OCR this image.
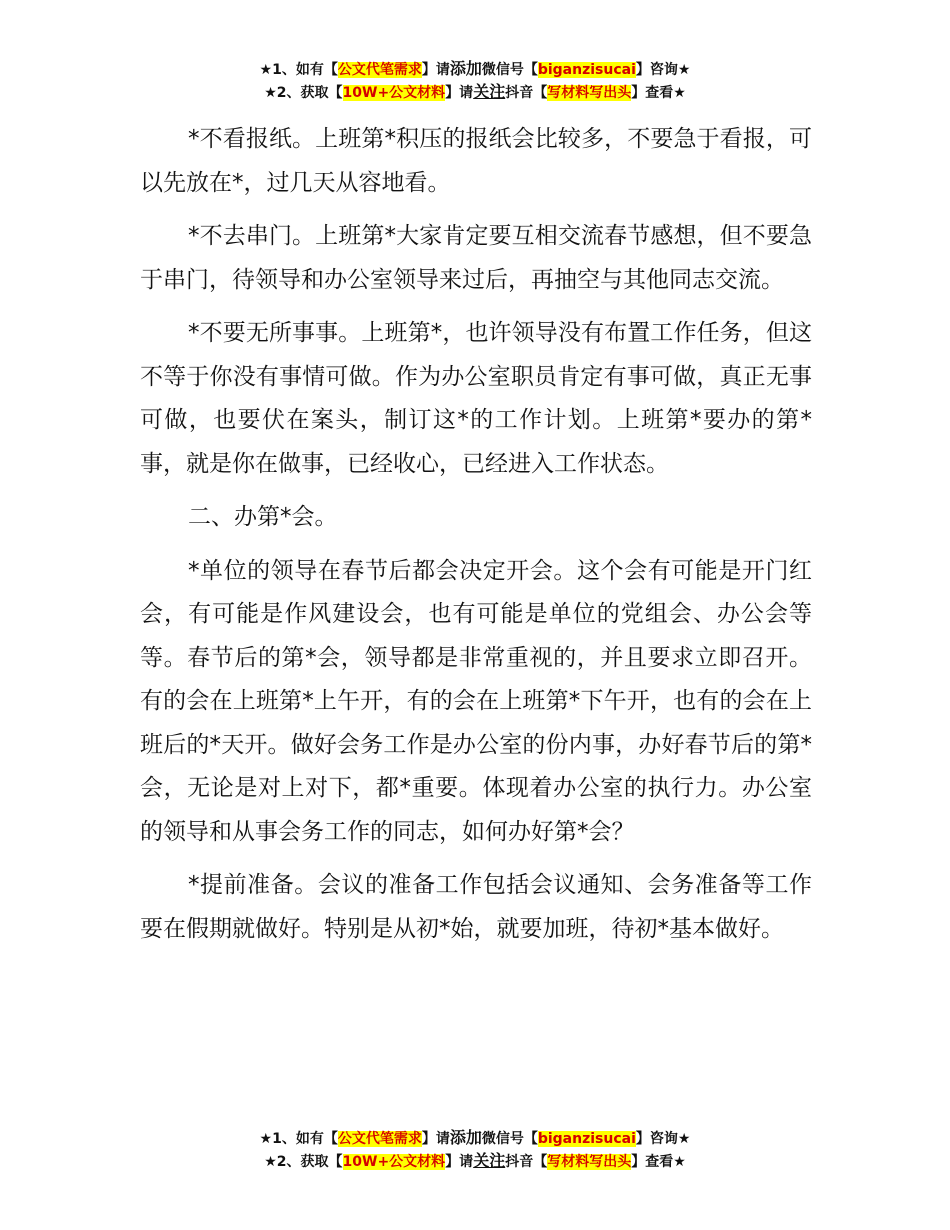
★1、如有【公文代笔需求】请添加微信号【biganzisucai】咨询★
★2、获取【10W+公文材料】请关注抖音【写材料写出头】查看★

*不看报纸。上班第*积压的报纸会比较多，不要急于看报，可以先放在*，过几天从容地看。

*不去串门。上班第*大家肯定要互相交流春节感想，但不要急于串门，待领导和办公室领导来过后，再抽空与其他同志交流。

*不要无所事事。上班第*，也许领导没有布置工作任务，但这不等于你没有事情可做。作为办公室职员肯定有事可做，真正无事可做，也要伏在案头，制订这*的工作计划。上班第*要办的第*事，就是你在做事，已经收心，已经进入工作状态。

二、办第*会。

*单位的领导在春节后都会决定开会。这个会有可能是开门红会，有可能是作风建设会，也有可能是单位的党组会、办公会等等。春节后的第*会，领导都是非常重视的，并且要求立即召开。有的会在上班第*上午开，有的会在上班第*下午开，也有的会在上班后的*天开。做好会务工作是办公室的份内事，办好春节后的第*会，无论是对上对下，都*重要。体现着办公室的执行力。办公室的领导和从事会务工作的同志，如何办好第*会？

*提前准备。会议的准备工作包括会议通知、会务准备等工作要在假期就做好。特别是从初*始，就要加班，待初*基本做好。

★1、如有【公文代笔需求】请添加微信号【biganzisucai】咨询★
★2、获取【10W+公文材料】请关注抖音【写材料写出头】查看★
